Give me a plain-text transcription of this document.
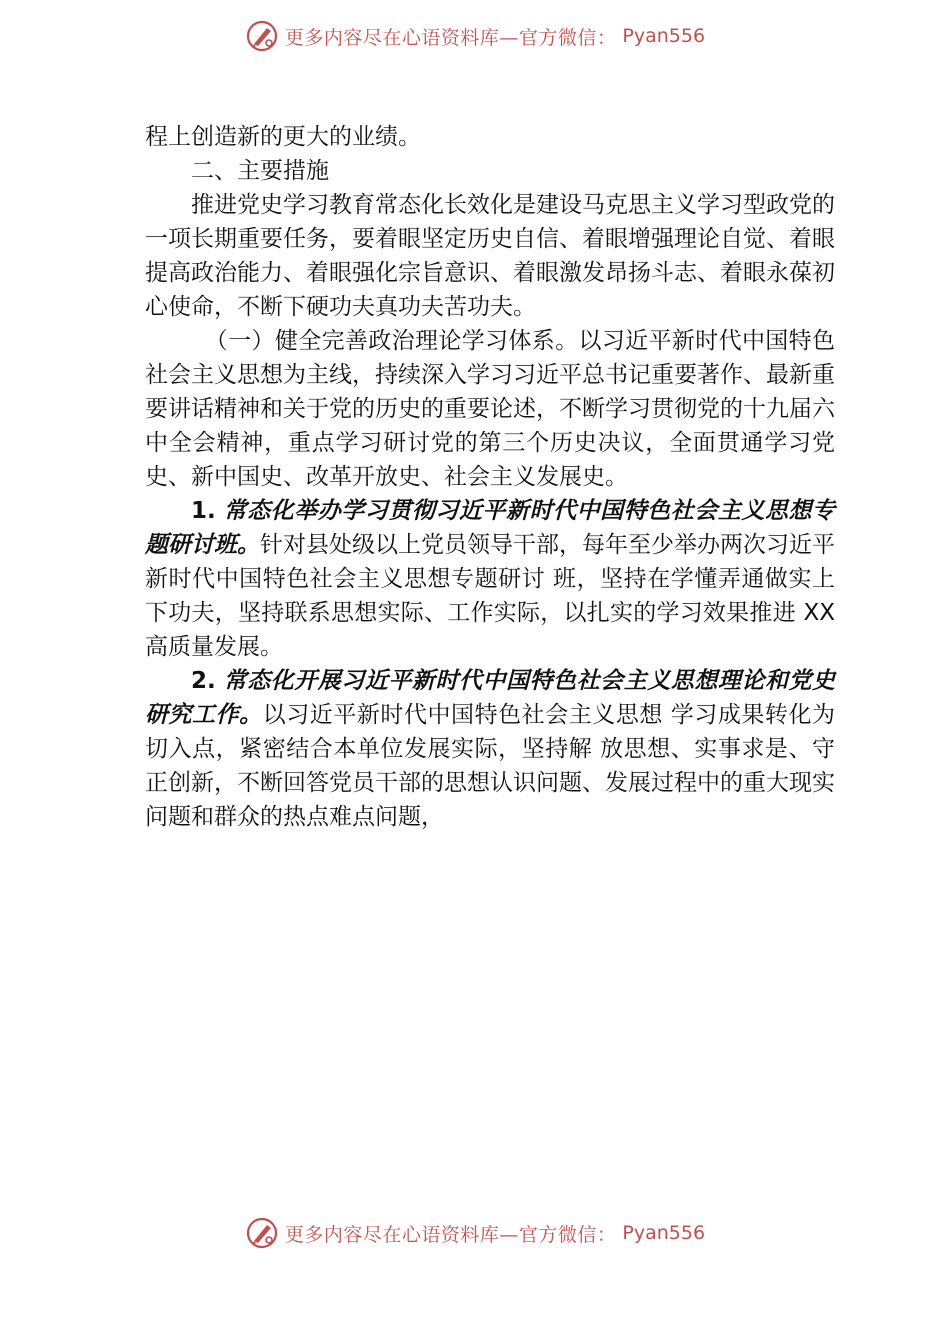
更多内容尽在心语资料库—官方微信： Pyan556

程上创造新的更大的业绩。

二、主要措施

推进党史学习教育常态化长效化是建设马克思主义学习型政党的一项长期重要任务，要着眼坚定历史自信、着眼增强理论自觉、着眼提高政治能力、着眼强化宗旨意识、着眼激发昂扬斗志、着眼永葆初心使命，不断下硬功夫真功夫苦功夫。

（一）健全完善政治理论学习体系。以习近平新时代中国特色社会主义思想为主线，持续深入学习习近平总书记重要著作、最新重要讲话精神和关于党的历史的重要论述，不断学习贯彻党的十九届六中全会精神，重点学习研讨党的第三个历史决议，全面贯通学习党史、新中国史、改革开放史、社会主义发展史。

1. 常态化举办学习贯彻习近平新时代中国特色社会主义思想专题研讨班。针对县处级以上党员领导干部，每年至少举办两次习近平新时代中国特色社会主义思想专题研讨 班，坚持在学懂弄通做实上下功夫，坚持联系思想实际、工作实际，以扎实的学习效果推进 XX 高质量发展。

2. 常态化开展习近平新时代中国特色社会主义思想理论和党史研究工作。以习近平新时代中国特色社会主义思想 学习成果转化为切入点，紧密结合本单位发展实际，坚持解 放思想、实事求是、守正创新，不断回答党员干部的思想认识问题、发展过程中的重大现实问题和群众的热点难点问题，

更多内容尽在心语资料库—官方微信： Pyan556
